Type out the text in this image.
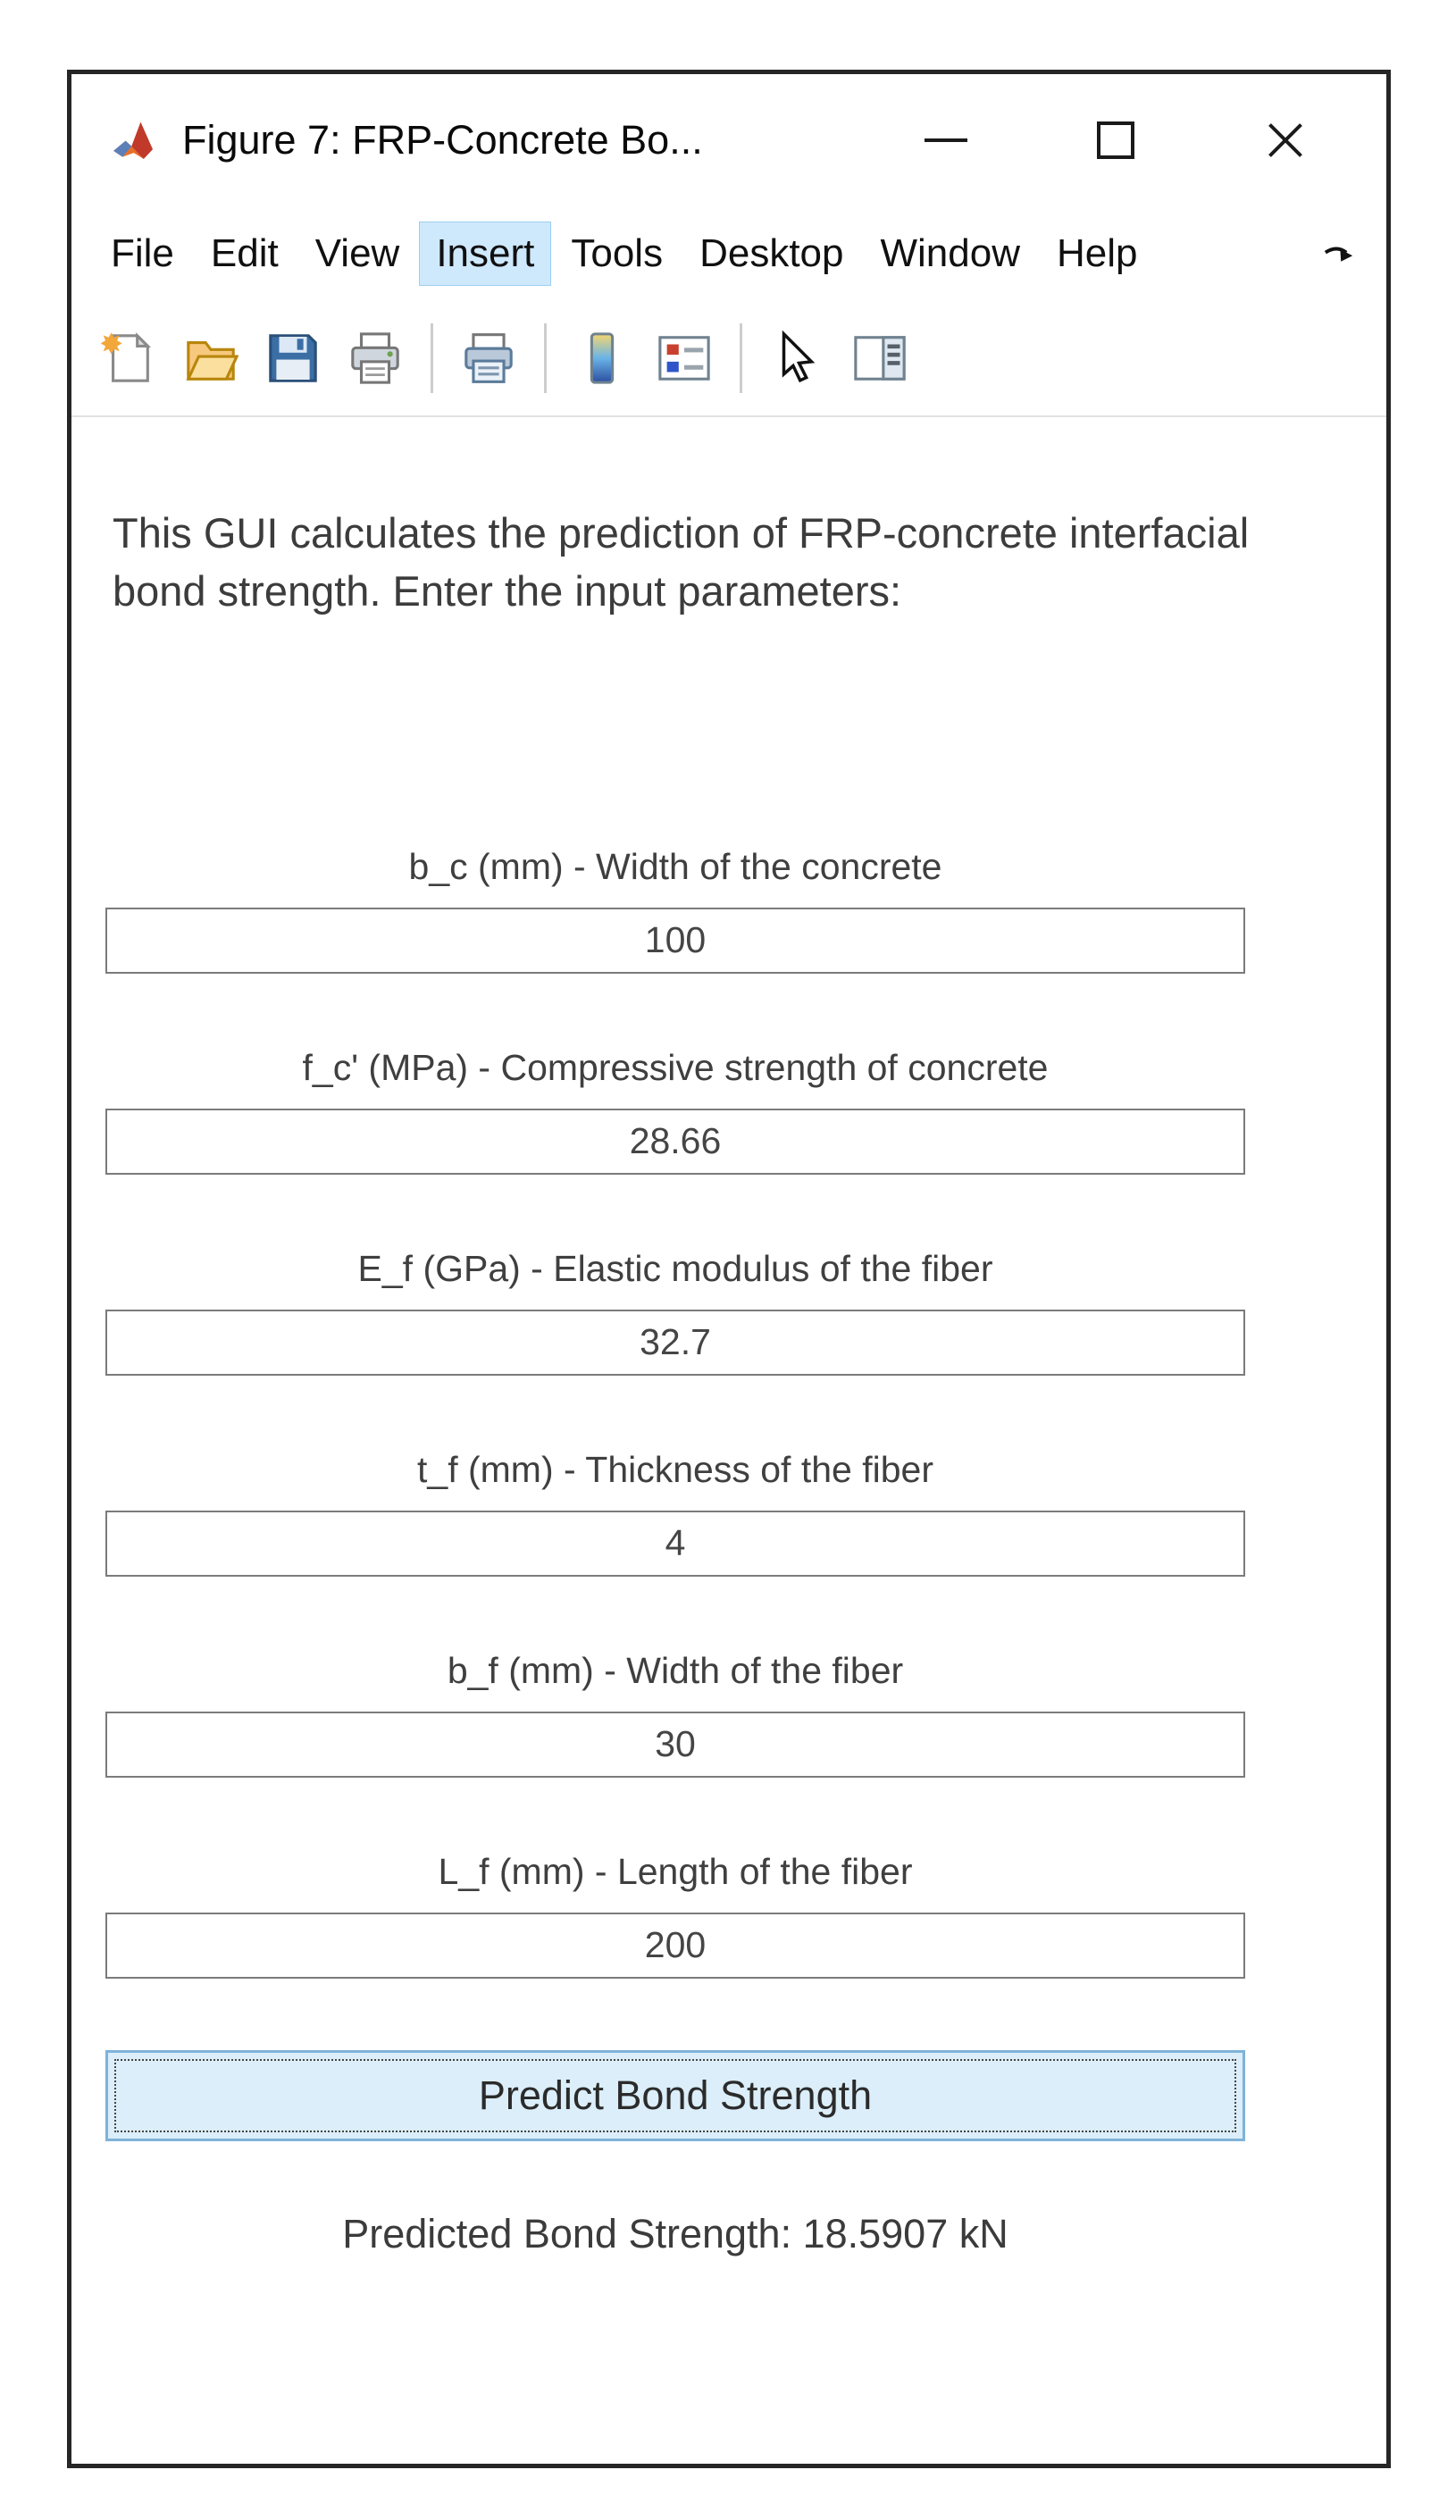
Figure 7: FRP-Concrete Bo...
File Edit View Insert Tools Desktop Window Help
This GUI calculates the prediction of FRP-concrete interfacial bond strength. Enter the input parameters:
b_c (mm) - Width of the concrete
100
f_c' (MPa) - Compressive strength of concrete
28.66
E_f (GPa) - Elastic modulus of the fiber
32.7
t_f (mm) - Thickness of the fiber
4
b_f (mm) - Width of the fiber
30
L_f (mm) - Length of the fiber
200
Predict Bond Strength
Predicted Bond Strength: 18.5907 kN
